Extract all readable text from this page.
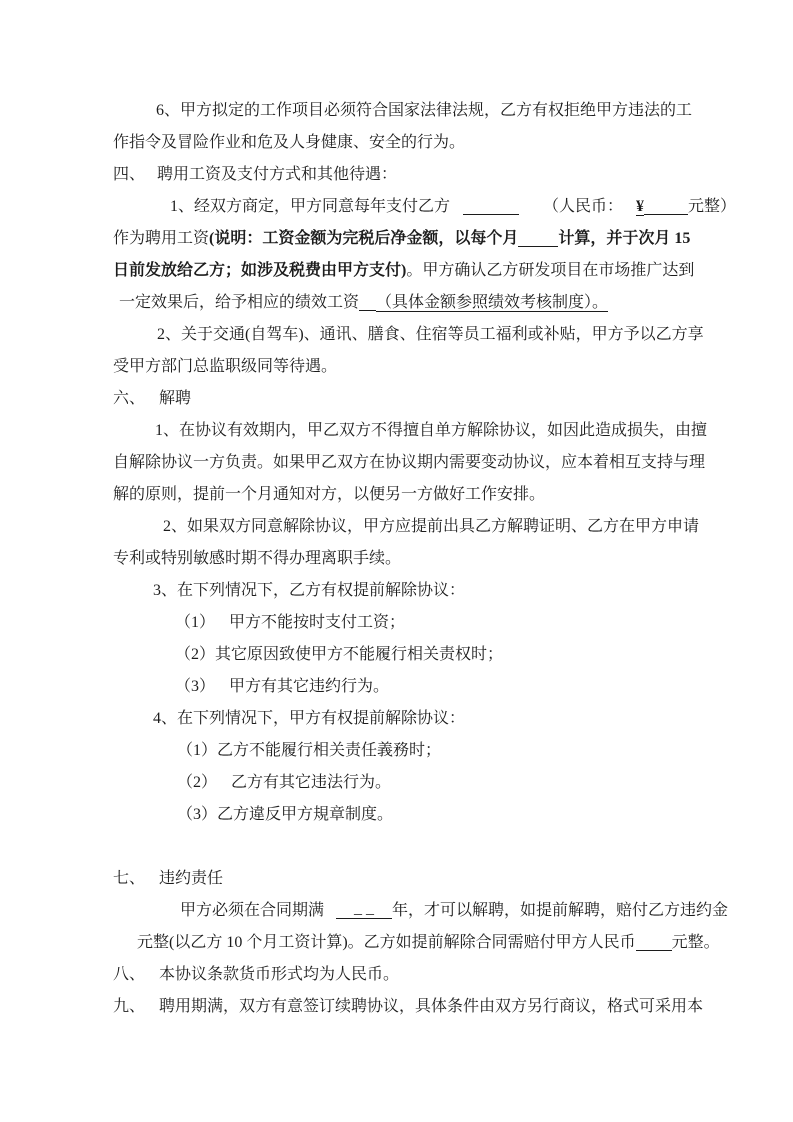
6、甲方拟定的工作项目必须符合国家法律法规，乙方有权拒绝甲方违法的工
作指令及冒险作业和危及人身健康、安全的行为。
四、 聘用工资及支付方式和其他待遇：
1、经双方商定，甲方同意每年支付乙方	（人民币： ¥	元整）
作为聘用工资(说明：工资金额为完税后净金额，以每个月	计算，并于次月 15
日前发放给乙方；如涉及税费由甲方支付)。甲方确认乙方研发项目在市场推广达到
一定效果后，给予相应的绩效工资 （具体金额参照绩效考核制度）。
2、关于交通(自驾车)、通讯、膳食、住宿等员工福利或补贴，甲方予以乙方享
受甲方部门总监职级同等待遇。
六、 解聘
1、在协议有效期内，甲乙双方不得擅自单方解除协议，如因此造成损失，由擅
自解除协议一方负责。如果甲乙双方在协议期内需要变动协议，应本着相互支持与理
解的原则，提前一个月通知对方，以便另一方做好工作安排。
2、如果双方同意解除协议，甲方应提前出具乙方解聘证明、乙方在甲方申请
专利或特别敏感时期不得办理离职手续。
3、在下列情况下，乙方有权提前解除协议：
（1） 甲方不能按时支付工资；
（2）其它原因致使甲方不能履行相关责权时；
（3） 甲方有其它违约行为。
4、在下列情况下，甲方有权提前解除协议：
（1）乙方不能履行相关责任義務时；
（2） 乙方有其它违法行为。
（3）乙方違反甲方規章制度。

七、 违约责任
甲方必须在合同期满 _ _ 年，才可以解聘，如提前解聘，赔付乙方违约金
元整(以乙方 10 个月工资计算)。乙方如提前解除合同需赔付甲方人民币 元整。
八、 本协议条款货币形式均为人民币。
九、 聘用期满，双方有意签订续聘协议，具体条件由双方另行商议，格式可采用本
